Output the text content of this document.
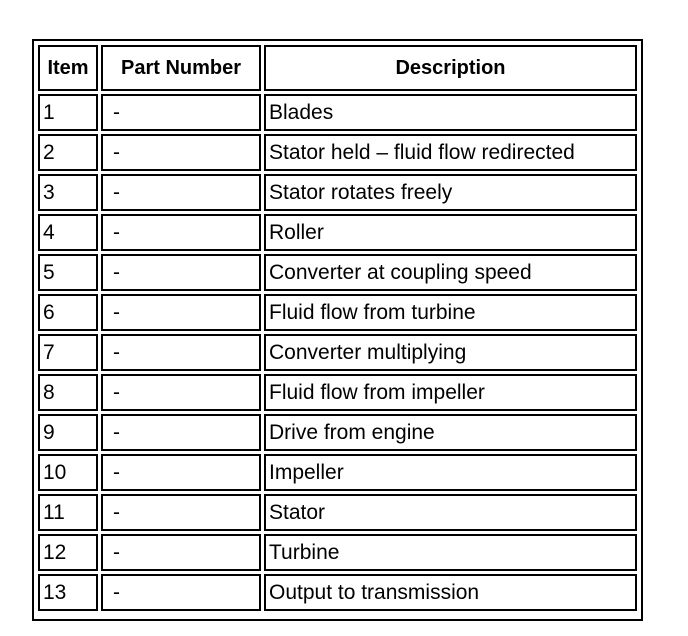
Item	Part Number	Description
1	-	Blades
2	-	Stator held – fluid flow redirected
3	-	Stator rotates freely
4	-	Roller
5	-	Converter at coupling speed
6	-	Fluid flow from turbine
7	-	Converter multiplying
8	-	Fluid flow from impeller
9	-	Drive from engine
10	-	Impeller
11	-	Stator
12	-	Turbine
13	-	Output to transmission
